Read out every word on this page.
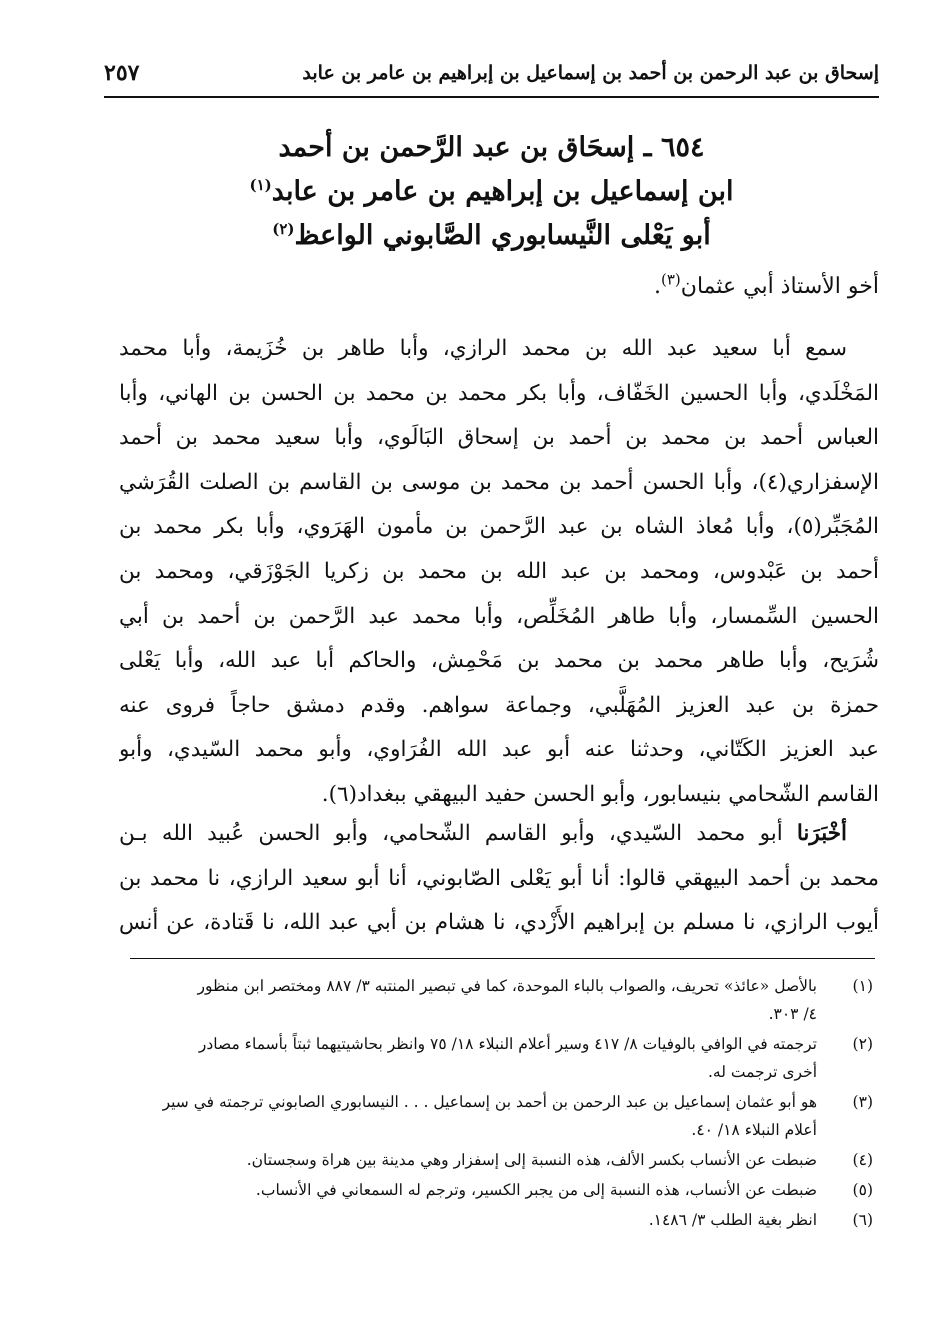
إسحاق بن عبد الرحمن بن أحمد بن إسماعيل بن إبراهيم بن عامر بن عابد
٢٥٧
٦٥٤ ـ إسحَاق بن عبد الرَّحمن بن أحمد
ابن إسماعيل بن إبراهيم بن عامر بن عابد$^{(١)}$
أبو يَعْلى النَّيسابوري الصَّابوني الواعظ$^{(٢)}$
أخو الأستاذ أبي عثمان$^{(٣)}$.
سمع أبا سعيد عبد الله بن محمد الرازي، وأبا طاهر بن خُزَيمة، وأبا محمد
المَخْلَدي، وأبا الحسين الخَفّاف، وأبا بكر محمد بن محمد بن الحسن بن الهاني، وأبا
العباس أحمد بن محمد بن أحمد بن إسحاق البَالَوي، وأبا سعيد محمد بن أحمد
الإسفزاري(٤)، وأبا الحسن أحمد بن محمد بن موسى بن القاسم بن الصلت القُرَشي
المُجَبِّر(٥)، وأبا مُعاذ الشاه بن عبد الرَّحمن بن مأمون الهَرَوي، وأبا بكر محمد بن
أحمد بن عَبْدوس، ومحمد بن عبد الله بن محمد بن زكريا الجَوْزَقي، ومحمد بن
الحسين السِّمسار، وأبا طاهر المُخَلِّص، وأبا محمد عبد الرَّحمن بن أحمد بن أبي
شُرَيح، وأبا طاهر محمد بن محمد بن مَحْمِش، والحاكم أبا عبد الله، وأبا يَعْلى
حمزة بن عبد العزيز المُهَلَّبي، وجماعة سواهم. وقدم دمشق حاجاً فروى عنه
عبد العزيز الكَتّاني، وحدثنا عنه أبو عبد الله الفُرَاوي، وأبو محمد السّيدي، وأبو
القاسم الشّحامي بنيسابور، وأبو الحسن حفيد البيهقي ببغداد(٦).
أخْبَرَنا أبو محمد السّيدي، وأبو القاسم الشّحامي، وأبو الحسن عُبيد الله بـن
محمد بن أحمد البيهقي قالوا: أنا أبو يَعْلى الصّابوني، أنا أبو سعيد الرازي، نا محمد بن
أيوب الرازي، نا مسلم بن إبراهيم الأَزْدي، نا هشام بن أبي عبد الله، نا قَتادة، عن أنس
(١)
بالأصل «عائذ» تحريف، والصواب بالباء الموحدة، كما في تبصير المنتبه ٣/ ٨٨٧ ومختصر ابن منظور
٤/ ٣٠٣.
(٢)
ترجمته في الوافي بالوفيات ٨/ ٤١٧ وسير أعلام النبلاء ١٨/ ٧٥ وانظر بحاشيتيهما ثبتاً بأسماء مصادر
أخرى ترجمت له.
(٣)
هو أبو عثمان إسماعيل بن عبد الرحمن بن أحمد بن إسماعيل . . . النيسابوري الصابوني ترجمته في سير
أعلام النبلاء ١٨/ ٤٠.
(٤)
ضبطت عن الأنساب بكسر الألف، هذه النسبة إلى إسفزار وهي مدينة بين هراة وسجستان.
(٥)
ضبطت عن الأنساب، هذه النسبة إلى من يجبر الكسير، وترجم له السمعاني في الأنساب.
(٦)
انظر بغية الطلب ٣/ ١٤٨٦.
